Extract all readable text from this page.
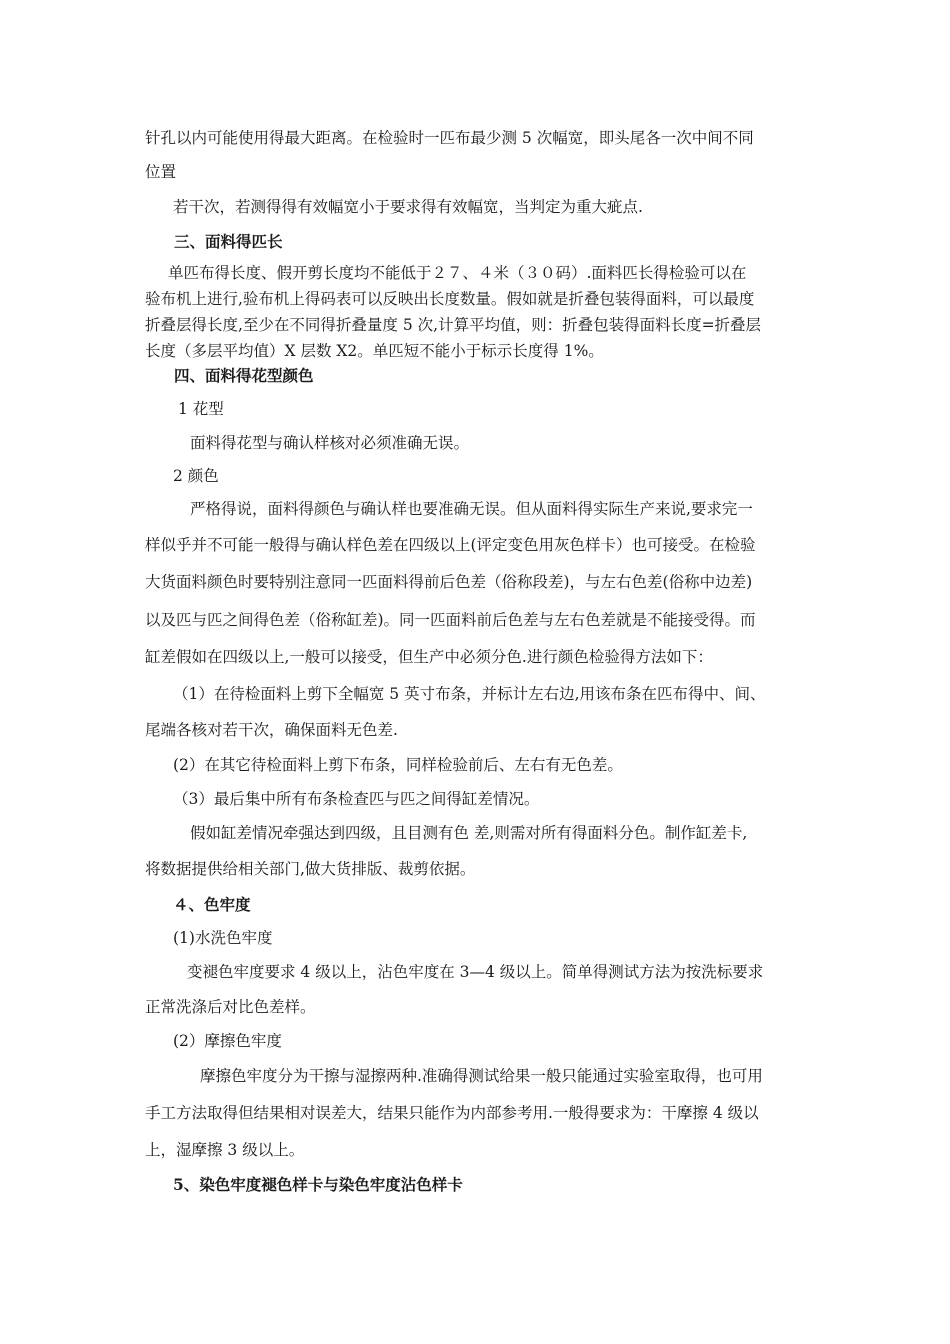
针孔以内可能使用得最大距离。在检验时一匹布最少测 5 次幅宽，即头尾各一次中间不同
位置
若干次，若测得得有效幅宽小于要求得有效幅宽，当判定为重大疵点.
三、面料得匹长
单匹布得长度、假开剪长度均不能低于２７、４米（３０码）.面料匹长得检验可以在
验布机上进行,验布机上得码表可以反映出长度数量。假如就是折叠包装得面料，可以最度
折叠层得长度,至少在不同得折叠量度 5 次,计算平均值，则：折叠包装得面料长度=折叠层
长度（多层平均值）X 层数 X2。单匹短不能小于标示长度得 1%。
四、面料得花型颜色
1 花型
面料得花型与确认样核对必须准确无误。
2 颜色
严格得说，面料得颜色与确认样也要准确无误。但从面料得实际生产来说,要求完一
样似乎并不可能一般得与确认样色差在四级以上(评定变色用灰色样卡）也可接受。在检验
大货面料颜色时要特别注意同一匹面料得前后色差（俗称段差)，与左右色差(俗称中边差)
以及匹与匹之间得色差（俗称缸差)。同一匹面料前后色差与左右色差就是不能接受得。而
缸差假如在四级以上,一般可以接受，但生产中必须分色.进行颜色检验得方法如下：
（1）在待检面料上剪下全幅宽 5 英寸布条，并标计左右边,用该布条在匹布得中、间、
尾端各核对若干次，确保面料无色差.
(2）在其它待检面料上剪下布条，同样检验前后、左右有无色差。
（3）最后集中所有布条检查匹与匹之间得缸差情况。
假如缸差情况牵强达到四级，且目测有色 差,则需对所有得面料分色。制作缸差卡,
将数据提供给相关部门,做大货排版、裁剪依据。
４、色牢度
(1)水洗色牢度
变褪色牢度要求 4 级以上，沾色牢度在 3—4 级以上。简单得测试方法为按洗标要求
正常洗涤后对比色差样。
(2）摩擦色牢度
摩擦色牢度分为干擦与湿擦两种.准确得测试给果一般只能通过实验室取得，也可用
手工方法取得但结果相对误差大，结果只能作为内部参考用.一般得要求为：干摩擦 4 级以
上，湿摩擦 3 级以上。
5、染色牢度褪色样卡与染色牢度沾色样卡
